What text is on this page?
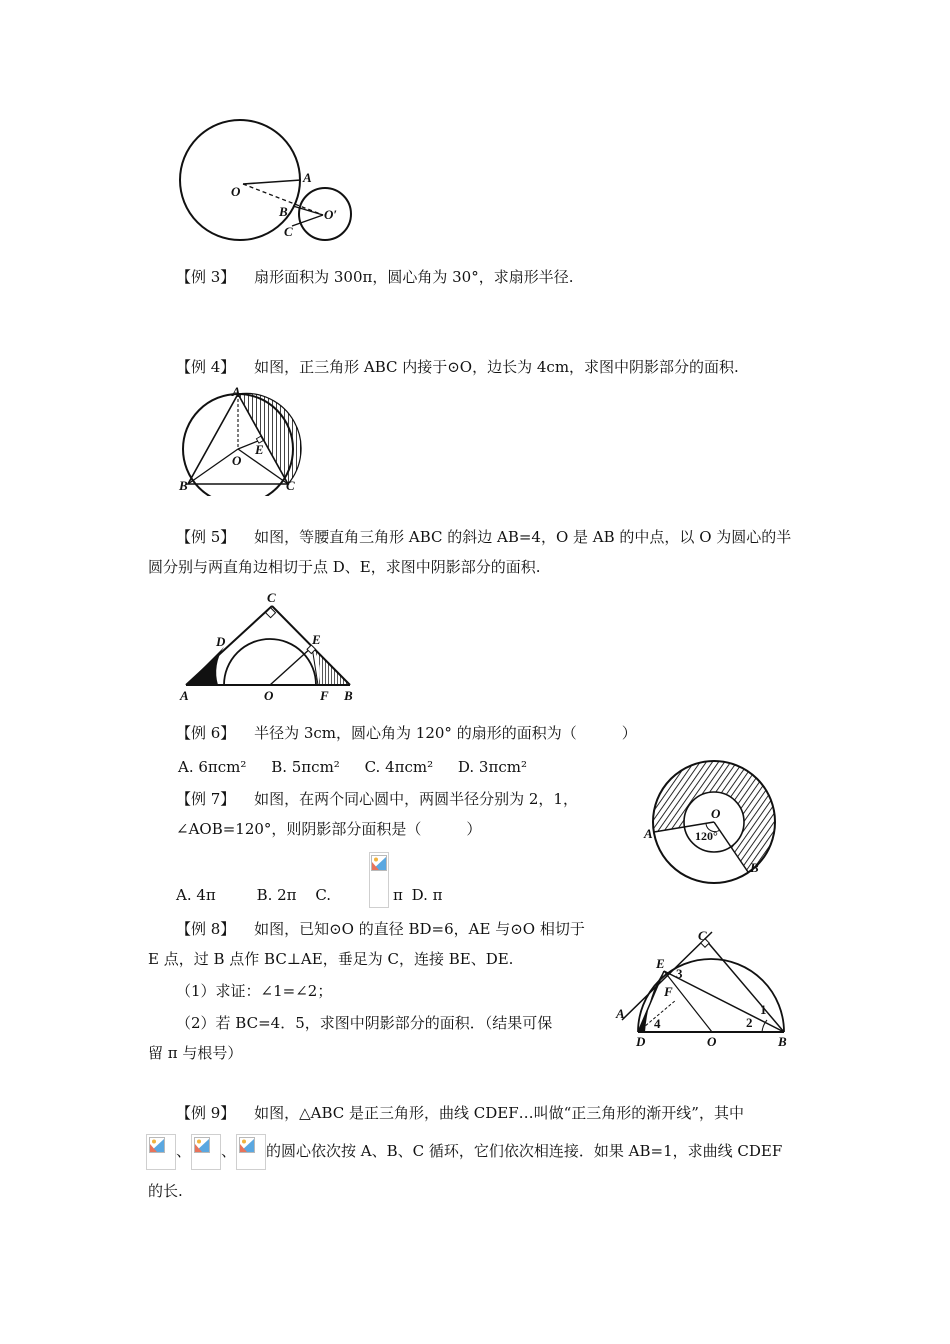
O
A
B
C
O′
【例 3】 扇形面积为 300π，圆心角为 30°，求扇形半径.
【例 4】 如图，正三角形 ABC 内接于⊙O，边长为 4cm，求图中阴影部分的面积.
A
E
O
B	C
【例 5】 如图，等腰直角三角形 ABC 的斜边 AB=4，O 是 AB 的中点，以 O 为圆心的半
圆分别与两直角边相切于点 D、E，求图中阴影部分的面积.
C
D	E
A	O	F B
【例 6】 半径为 3cm，圆心角为 120° 的扇形的面积为（　　　）
A. 6πcm² B. 5πcm² C. 4πcm² D. 3πcm²
【例 7】 如图，在两个同心圆中，两圆半径分别为 2，1，
∠AOB=120°，则阴影部分面积是（　　　）
A. 4π	B. 2π C.	π D. π
O
120°
A
B
【例 8】 如图，已知⊙O 的直径 BD=6，AE 与⊙O 相切于
E 点，过 B 点作 BC⊥AE，垂足为 C，连接 BE、DE.
（1）求证：∠1=∠2；
（2）若 BC=4．5，求图中阴影部分的面积．（结果可保
留 π 与根号）
C
E
3
F
A
4
1
2
D	O	B
【例 9】 如图，△ABC 是正三角形，曲线 CDEF…叫做“正三角形的渐开线”，其中
、 、 的圆心依次按 A、B、C 循环，它们依次相连接．如果 AB=1，求曲线 CDEF
的长.
